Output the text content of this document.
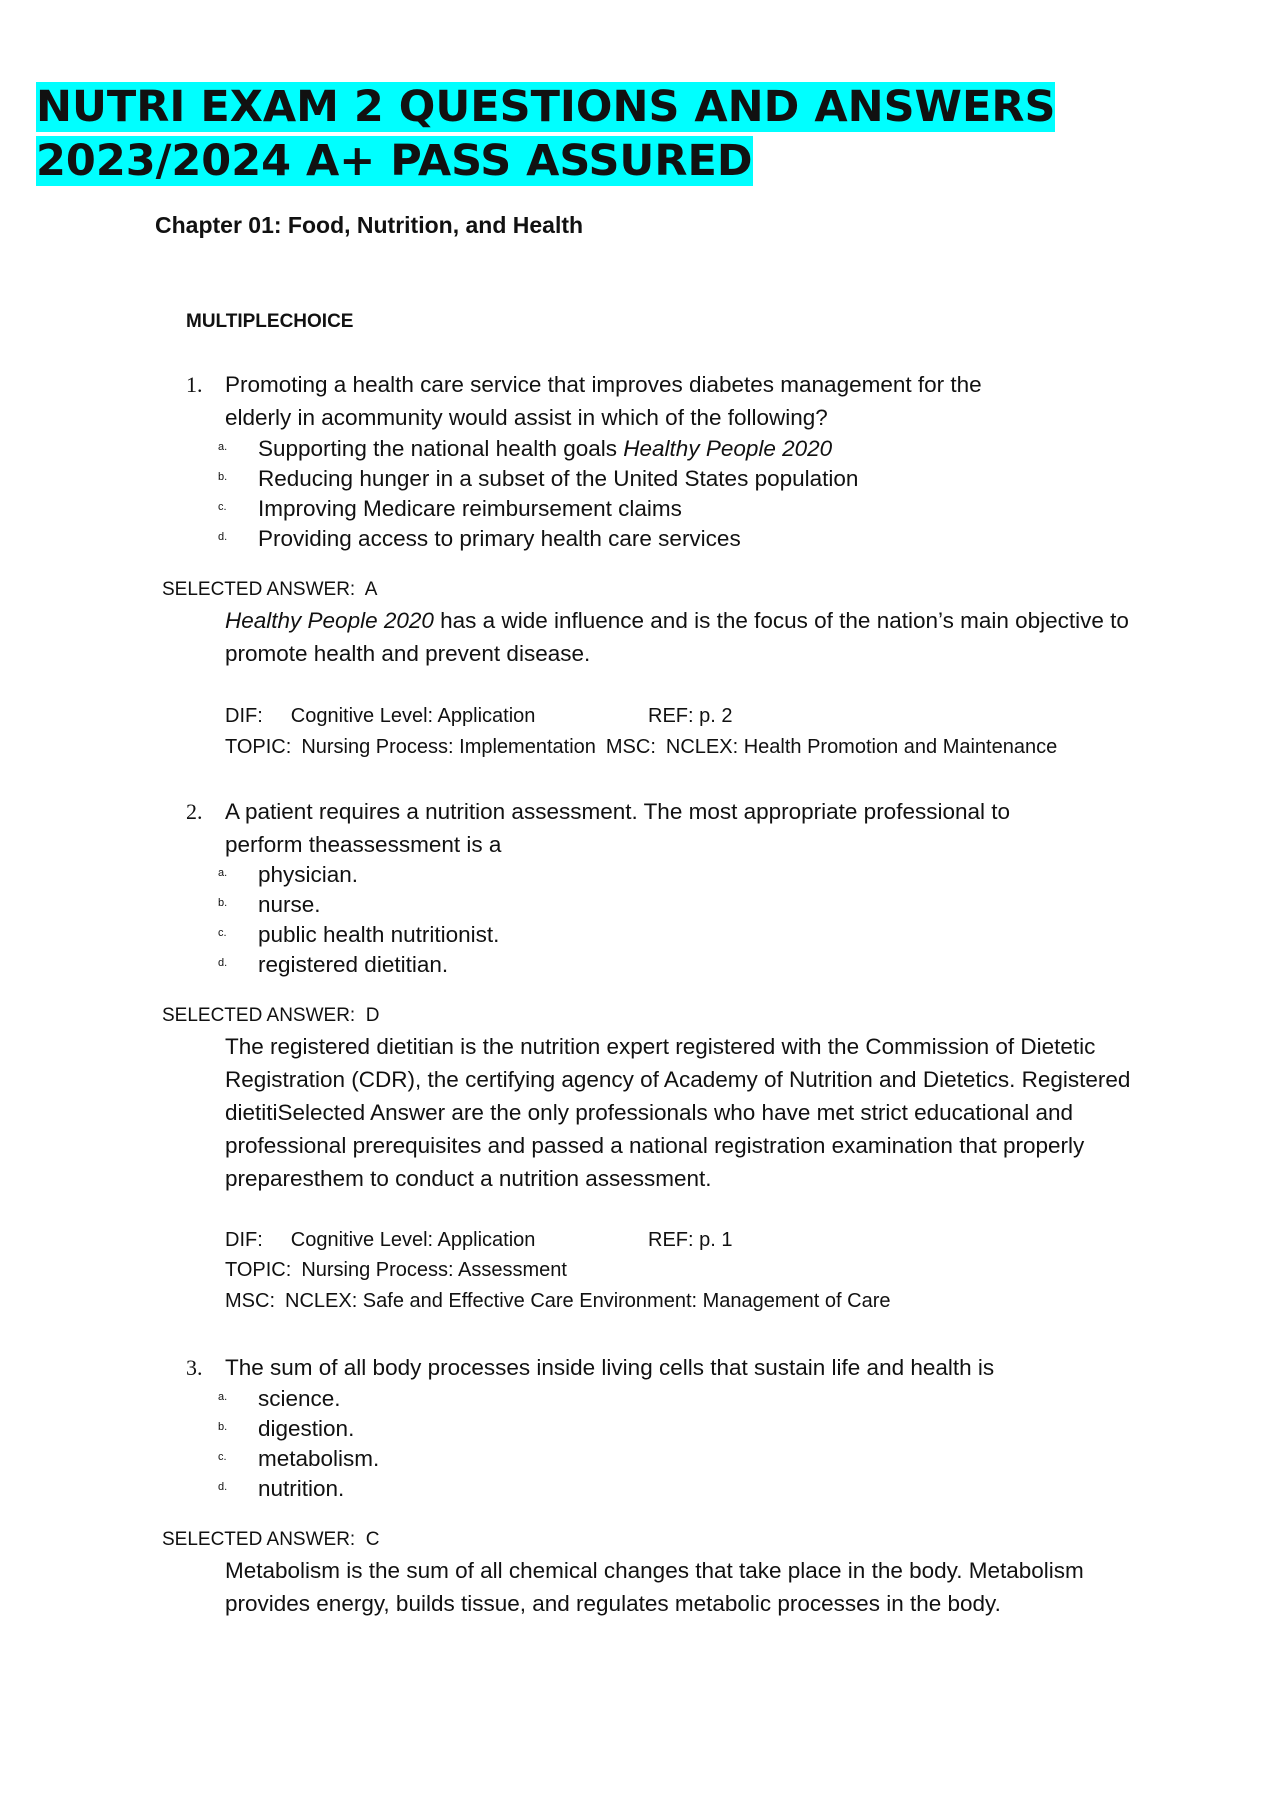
NUTRI EXAM 2 QUESTIONS AND ANSWERS
2023/2024 A+ PASS ASSURED
Chapter 01: Food, Nutrition, and Health
MULTIPLECHOICE
1. Promoting a health care service that improves diabetes management for the
elderly in acommunity would assist in which of the following?

a. Supporting the national health goals Healthy People 2020
b. Reducing hunger in a subset of the United States population
c. Improving Medicare reimbursement claims
d. Providing access to primary health care services
SELECTED ANSWER: A

Healthy People 2020 has a wide influence and is the focus of the nation’s main objective to
promote health and prevent disease.

DIF: Cognitive Level: Application	REF: p. 2
TOPIC: Nursing Process: Implementation MSC: NCLEX: Health Promotion and Maintenance
2. A patient requires a nutrition assessment. The most appropriate professional to
perform theassessment is a

a. physician.
b. nurse.
c. public health nutritionist.
d. registered dietitian.
SELECTED ANSWER: D

The registered dietitian is the nutrition expert registered with the Commission of Dietetic
Registration (CDR), the certifying agency of Academy of Nutrition and Dietetics. Registered
dietitiSelected Answer are the only professionals who have met strict educational and
professional prerequisites and passed a national registration examination that properly
preparesthem to conduct a nutrition assessment.

DIF: Cognitive Level: Application	REF: p. 1
TOPIC: Nursing Process: Assessment
MSC: NCLEX: Safe and Effective Care Environment: Management of Care
3. The sum of all body processes inside living cells that sustain life and health is

a. science.
b. digestion.
c. metabolism.
d. nutrition.
SELECTED ANSWER: C

Metabolism is the sum of all chemical changes that take place in the body. Metabolism
provides energy, builds tissue, and regulates metabolic processes in the body.
